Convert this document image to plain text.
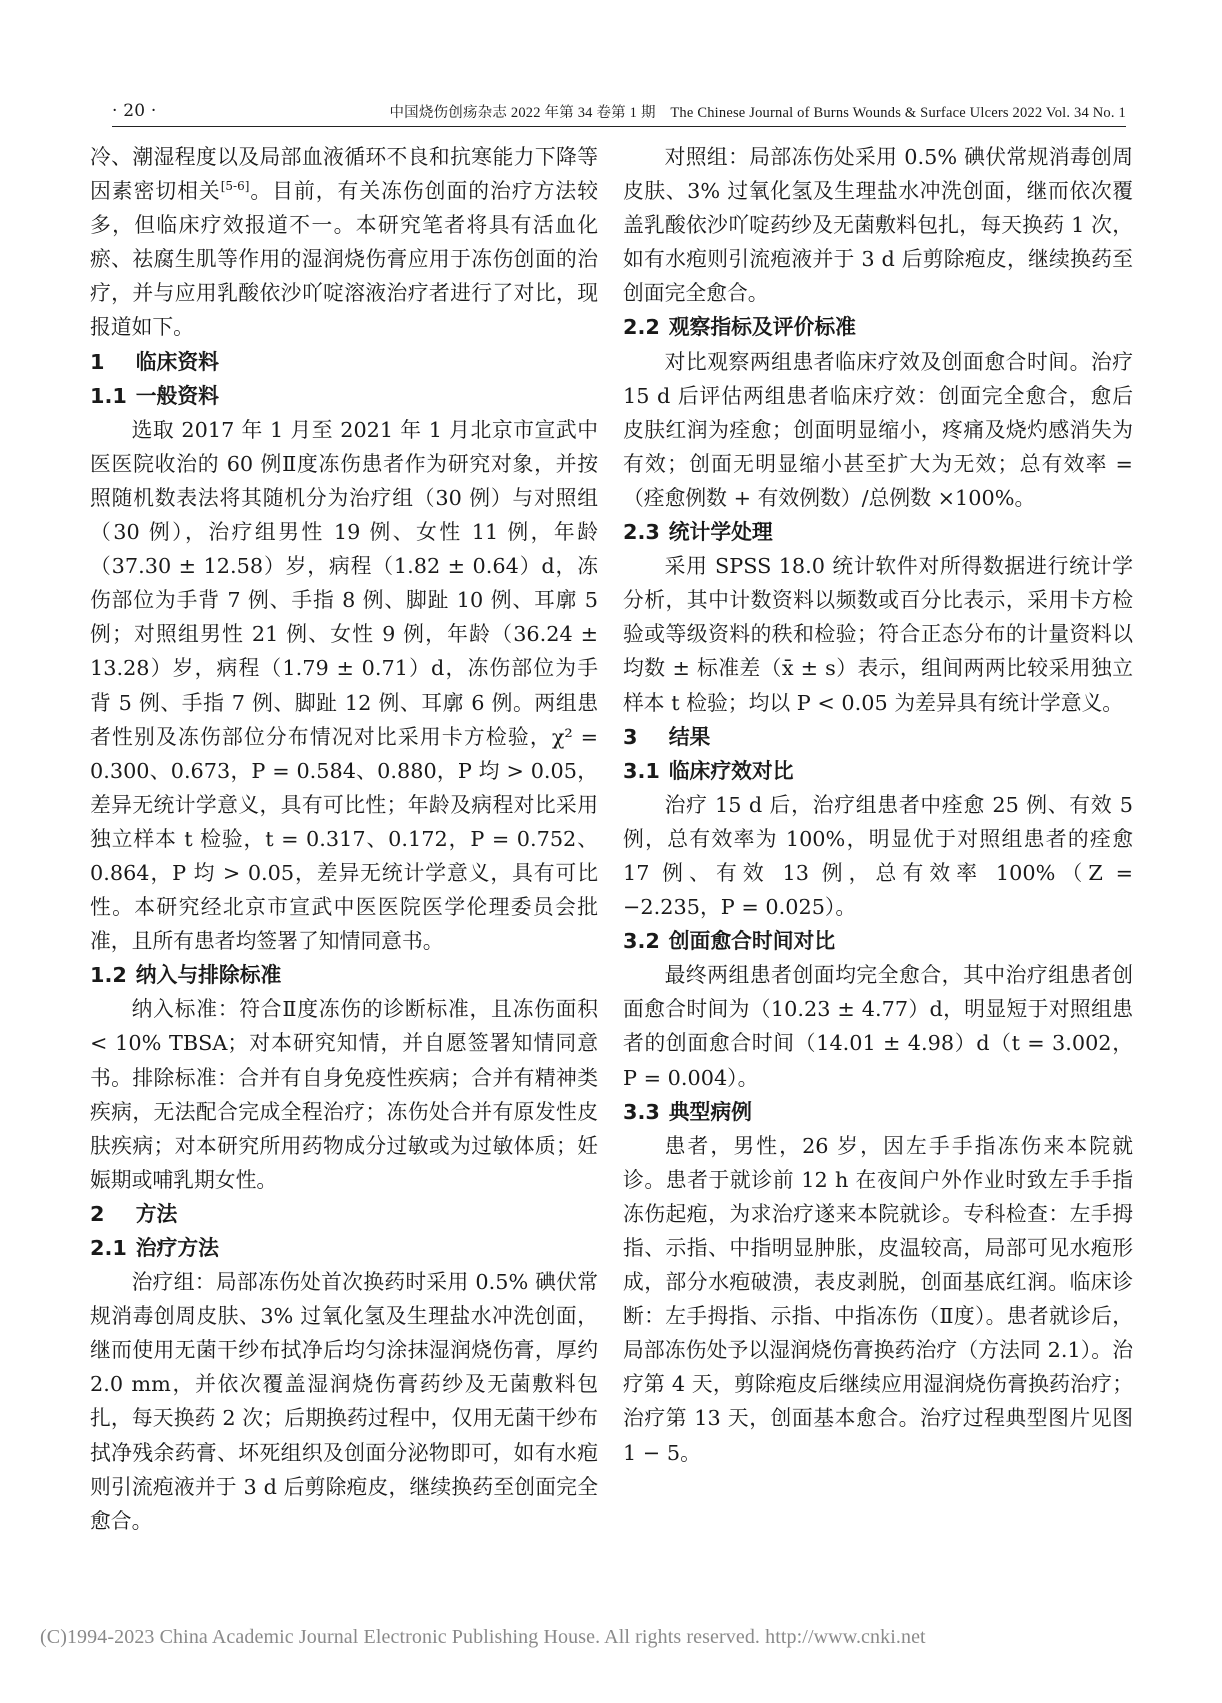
· 20 ·	中国烧伤创疡杂志 2022 年第 34 卷第 1 期　The Chinese Journal of Burns Wounds & Surface Ulcers 2022 Vol. 34 No. 1

冷、潮湿程度以及局部血液循环不良和抗寒能力下降等因素密切相关[5-6]。目前，有关冻伤创面的治疗方法较多，但临床疗效报道不一。本研究笔者将具有活血化瘀、祛腐生肌等作用的湿润烧伤膏应用于冻伤创面的治疗，并与应用乳酸依沙吖啶溶液治疗者进行了对比，现报道如下。

1 临床资料
1.1 一般资料

选取 2017 年 1 月至 2021 年 1 月北京市宣武中医医院收治的 60 例Ⅱ度冻伤患者作为研究对象，并按照随机数表法将其随机分为治疗组（30 例）与对照组（30 例），治疗组男性 19 例、女性 11 例，年龄（37.30 ± 12.58）岁，病程（1.82 ± 0.64）d，冻伤部位为手背 7 例、手指 8 例、脚趾 10 例、耳廓 5 例；对照组男性 21 例、女性 9 例，年龄（36.24 ± 13.28）岁，病程（1.79 ± 0.71）d，冻伤部位为手背 5 例、手指 7 例、脚趾 12 例、耳廓 6 例。两组患者性别及冻伤部位分布情况对比采用卡方检验，χ² = 0.300、0.673，P = 0.584、0.880，P 均 > 0.05，差异无统计学意义，具有可比性；年龄及病程对比采用独立样本 t 检验，t = 0.317、0.172，P = 0.752、0.864，P 均 > 0.05，差异无统计学意义，具有可比性。本研究经北京市宣武中医医院医学伦理委员会批准，且所有患者均签署了知情同意书。

1.2 纳入与排除标准

纳入标准：符合Ⅱ度冻伤的诊断标准，且冻伤面积 < 10% TBSA；对本研究知情，并自愿签署知情同意书。排除标准：合并有自身免疫性疾病；合并有精神类疾病，无法配合完成全程治疗；冻伤处合并有原发性皮肤疾病；对本研究所用药物成分过敏或为过敏体质；妊娠期或哺乳期女性。

2 方法
2.1 治疗方法

治疗组：局部冻伤处首次换药时采用 0.5% 碘伏常规消毒创周皮肤、3% 过氧化氢及生理盐水冲洗创面，继而使用无菌干纱布拭净后均匀涂抹湿润烧伤膏，厚约 2.0 mm，并依次覆盖湿润烧伤膏药纱及无菌敷料包扎，每天换药 2 次；后期换药过程中，仅用无菌干纱布拭净残余药膏、坏死组织及创面分泌物即可，如有水疱则引流疱液并于 3 d 后剪除疱皮，继续换药至创面完全愈合。

对照组：局部冻伤处采用 0.5% 碘伏常规消毒创周皮肤、3% 过氧化氢及生理盐水冲洗创面，继而依次覆盖乳酸依沙吖啶药纱及无菌敷料包扎，每天换药 1 次，如有水疱则引流疱液并于 3 d 后剪除疱皮，继续换药至创面完全愈合。

2.2 观察指标及评价标准

对比观察两组患者临床疗效及创面愈合时间。治疗 15 d 后评估两组患者临床疗效：创面完全愈合，愈后皮肤红润为痊愈；创面明显缩小，疼痛及烧灼感消失为有效；创面无明显缩小甚至扩大为无效；总有效率 =（痊愈例数 + 有效例数）/总例数 ×100%。

2.3 统计学处理

采用 SPSS 18.0 统计软件对所得数据进行统计学分析，其中计数资料以频数或百分比表示，采用卡方检验或等级资料的秩和检验；符合正态分布的计量资料以均数 ± 标准差（x̄ ± s）表示，组间两两比较采用独立样本 t 检验；均以 P < 0.05 为差异具有统计学意义。

3 结果
3.1 临床疗效对比

治疗 15 d 后，治疗组患者中痊愈 25 例、有效 5 例，总有效率为 100%，明显优于对照组患者的痊愈 17 例、有效 13 例，总有效率 100%（Z = −2.235，P = 0.025）。

3.2 创面愈合时间对比

最终两组患者创面均完全愈合，其中治疗组患者创面愈合时间为（10.23 ± 4.77）d，明显短于对照组患者的创面愈合时间（14.01 ± 4.98）d（t = 3.002，P = 0.004）。

3.3 典型病例

患者，男性，26 岁，因左手手指冻伤来本院就诊。患者于就诊前 12 h 在夜间户外作业时致左手手指冻伤起疱，为求治疗遂来本院就诊。专科检查：左手拇指、示指、中指明显肿胀，皮温较高，局部可见水疱形成，部分水疱破溃，表皮剥脱，创面基底红润。临床诊断：左手拇指、示指、中指冻伤（Ⅱ度）。患者就诊后，局部冻伤处予以湿润烧伤膏换药治疗（方法同 2.1）。治疗第 4 天，剪除疱皮后继续应用湿润烧伤膏换药治疗；治疗第 13 天，创面基本愈合。治疗过程典型图片见图 1 − 5。

(C)1994-2023 China Academic Journal Electronic Publishing House. All rights reserved. http://www.cnki.net
